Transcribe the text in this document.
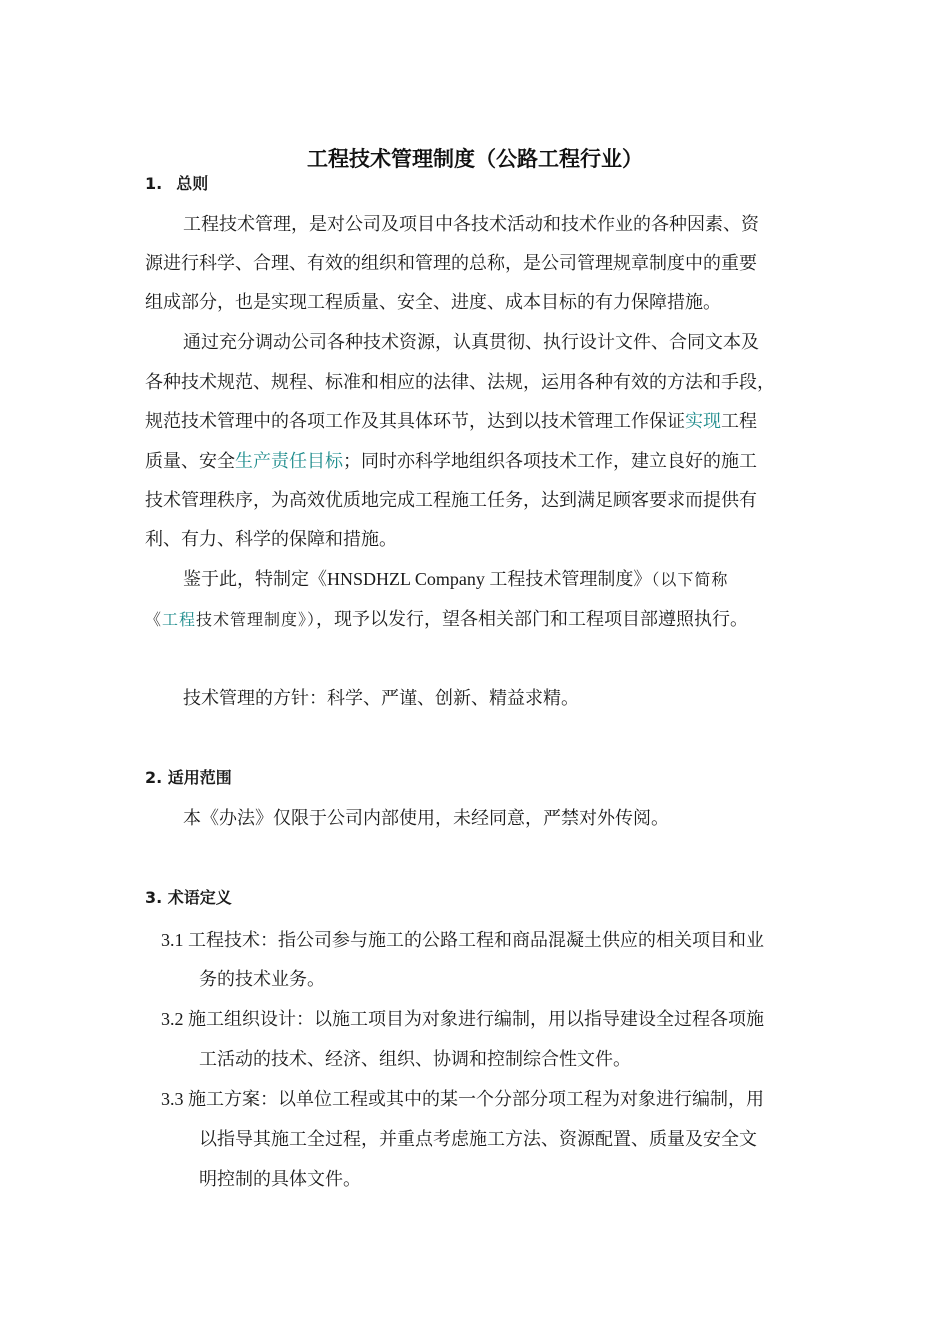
工程技术管理制度（公路工程行业）
1. 总则
工程技术管理，是对公司及项目中各技术活动和技术作业的各种因素、资
源进行科学、合理、有效的组织和管理的总称，是公司管理规章制度中的重要
组成部分，也是实现工程质量、安全、进度、成本目标的有力保障措施。
通过充分调动公司各种技术资源，认真贯彻、执行设计文件、合同文本及
各种技术规范、规程、标准和相应的法律、法规，运用各种有效的方法和手段，
规范技术管理中的各项工作及其具体环节，达到以技术管理工作保证实现工程
质量、安全生产责任目标；同时亦科学地组织各项技术工作，建立良好的施工
技术管理秩序，为高效优质地完成工程施工任务，达到满足顾客要求而提供有
利、有力、科学的保障和措施。
鉴于此，特制定《HNSDHZL Company 工程技术管理制度》（以下简称
《工程技术管理制度》），现予以发行，望各相关部门和工程项目部遵照执行。
技术管理的方针：科学、严谨、创新、精益求精。
2. 适用范围
本《办法》仅限于公司内部使用，未经同意，严禁对外传阅。
3. 术语定义
3.1 工程技术：指公司参与施工的公路工程和商品混凝土供应的相关项目和业
务的技术业务。
3.2 施工组织设计：以施工项目为对象进行编制，用以指导建设全过程各项施
工活动的技术、经济、组织、协调和控制综合性文件。
3.3 施工方案：以单位工程或其中的某一个分部分项工程为对象进行编制，用
以指导其施工全过程，并重点考虑施工方法、资源配置、质量及安全文
明控制的具体文件。
